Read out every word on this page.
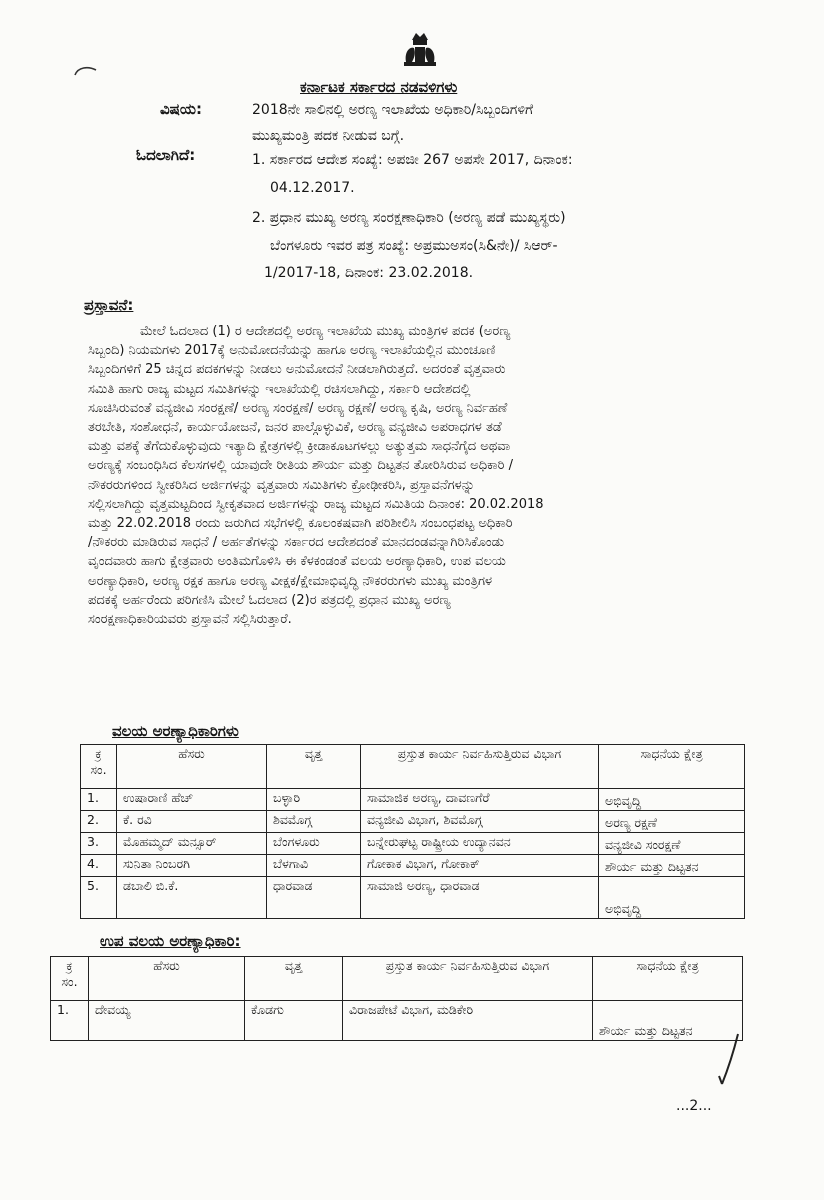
ಕರ್ನಾಟಕ ಸರ್ಕಾರದ ನಡವಳಿಗಳು
ವಿಷಯ:	2018ನೇ ಸಾಲಿನಲ್ಲಿ ಅರಣ್ಯ ಇಲಾಖೆಯ ಅಧಿಕಾರಿ/ಸಿಬ್ಬಂದಿಗಳಿಗೆ
ಮುಖ್ಯಮಂತ್ರಿ ಪದಕ ನೀಡುವ ಬಗ್ಗೆ.
ಓದಲಾಗಿದೆ:	1. ಸರ್ಕಾರದ ಆದೇಶ ಸಂಖ್ಯೆ: ಅಪಜೀ 267 ಅಪಸೇ 2017, ದಿನಾಂಕ:
04.12.2017.
2. ಪ್ರಧಾನ ಮುಖ್ಯ ಅರಣ್ಯ ಸಂರಕ್ಷಣಾಧಿಕಾರಿ (ಅರಣ್ಯ ಪಡೆ ಮುಖ್ಯಸ್ಥರು)
ಬೆಂಗಳೂರು ಇವರ ಪತ್ರ ಸಂಖ್ಯೆ: ಅಪ್ರಮುಅಸಂ(ಸಿ&ನೇ)/ ಸಿಆರ್-
1/2017-18, ದಿನಾಂಕ: 23.02.2018.
ಪ್ರಸ್ತಾವನೆ:
ಮೇಲೆ ಓದಲಾದ (1) ರ ಆದೇಶದಲ್ಲಿ ಅರಣ್ಯ ಇಲಾಖೆಯ ಮುಖ್ಯ ಮಂತ್ರಿಗಳ ಪದಕ (ಅರಣ್ಯ
ಸಿಬ್ಬಂದಿ) ನಿಯಮಗಳು 2017ಕ್ಕೆ ಅನುಮೋದನೆಯನ್ನು ಹಾಗೂ ಅರಣ್ಯ ಇಲಾಖೆಯಲ್ಲಿನ ಮುಂಚೂಣಿ
ಸಿಬ್ಬಂದಿಗಳಿಗೆ 25 ಚಿನ್ನದ ಪದಕಗಳನ್ನು ನೀಡಲು ಅನುಮೋದನೆ ನೀಡಲಾಗಿರುತ್ತದೆ. ಅದರಂತೆ ವೃತ್ತವಾರು
ಸಮಿತಿ ಹಾಗು ರಾಜ್ಯ ಮಟ್ಟದ ಸಮಿತಿಗಳನ್ನು ಇಲಾಖೆಯಲ್ಲಿ ರಚಿಸಲಾಗಿದ್ದು, ಸರ್ಕಾರಿ ಆದೇಶದಲ್ಲಿ
ಸೂಚಿಸಿರುವಂತೆ ವನ್ಯಜೀವಿ ಸಂರಕ್ಷಣೆ/ ಅರಣ್ಯ ಸಂರಕ್ಷಣೆ/ ಅರಣ್ಯ ರಕ್ಷಣೆ/ ಅರಣ್ಯ ಕೃಷಿ, ಅರಣ್ಯ ನಿರ್ವಹಣೆ
ತರಬೇತಿ, ಸಂಶೋಧನೆ, ಕಾರ್ಯಯೋಜನೆ, ಜನರ ಪಾಲ್ಗೊಳ್ಳುವಿಕೆ, ಅರಣ್ಯ ವನ್ಯಜೀವಿ ಅಪರಾಧಗಳ ತಡೆ
ಮತ್ತು ವಶಕ್ಕೆ ತೆಗೆದುಕೊಳ್ಳುವುದು ಇತ್ಯಾದಿ ಕ್ಷೇತ್ರಗಳಲ್ಲಿ ಕ್ರೀಡಾಕೂಟಗಳಲ್ಲು ಅತ್ಯುತ್ತಮ ಸಾಧನೆಗೈದ ಅಥವಾ
ಅರಣ್ಯಕ್ಕೆ ಸಂಬಂಧಿಸಿದ ಕೆಲಸಗಳಲ್ಲಿ ಯಾವುದೇ ರೀತಿಯ ಶೌರ್ಯ ಮತ್ತು ದಿಟ್ಟತನ ತೋರಿಸಿರುವ ಅಧಿಕಾರಿ /
ನೌಕರರುಗಳಿಂದ ಸ್ವೀಕರಿಸಿದ ಅರ್ಜಿಗಳನ್ನು ವೃತ್ತವಾರು ಸಮಿತಿಗಳು ಕ್ರೋಢೀಕರಿಸಿ, ಪ್ರಸ್ತಾವನೆಗಳನ್ನು
ಸಲ್ಲಿಸಲಾಗಿದ್ದು ವೃತ್ತಮಟ್ಟದಿಂದ ಸ್ವೀಕೃತವಾದ ಅರ್ಜಿಗಳನ್ನು ರಾಜ್ಯ ಮಟ್ಟದ ಸಮಿತಿಯ ದಿನಾಂಕ: 20.02.2018
ಮತ್ತು 22.02.2018 ರಂದು ಜರುಗಿದ ಸಭೆಗಳಲ್ಲಿ ಕೂಲಂಕಷವಾಗಿ ಪರಿಶೀಲಿಸಿ ಸಂಬಂಧಪಟ್ಟ ಅಧಿಕಾರಿ
/ನೌಕರರು ಮಾಡಿರುವ ಸಾಧನೆ / ಅರ್ಹತೆಗಳನ್ನು ಸರ್ಕಾರದ ಆದೇಶದಂತೆ ಮಾನದಂಡವನ್ನಾಗಿರಿಸಿಕೊಂಡು
ವೃಂದವಾರು ಹಾಗು ಕ್ಷೇತ್ರವಾರು ಅಂತಿಮಗೊಳಿಸಿ ಈ ಕೆಳಕಂಡಂತೆ ವಲಯ ಅರಣ್ಯಾಧಿಕಾರಿ, ಉಪ ವಲಯ
ಅರಣ್ಯಾಧಿಕಾರಿ, ಅರಣ್ಯ ರಕ್ಷಕ ಹಾಗೂ ಅರಣ್ಯ ವೀಕ್ಷಕ/ಕ್ಷೇಮಾಭಿವೃದ್ಧಿ ನೌಕರರುಗಳು ಮುಖ್ಯ ಮಂತ್ರಿಗಳ
ಪದಕಕ್ಕೆ ಅರ್ಹರೆಂದು ಪರಿಗಣಿಸಿ ಮೇಲೆ ಓದಲಾದ (2)ರ ಪತ್ರದಲ್ಲಿ ಪ್ರಧಾನ ಮುಖ್ಯ ಅರಣ್ಯ
ಸಂರಕ್ಷಣಾಧಿಕಾರಿಯವರು ಪ್ರಸ್ತಾವನೆ ಸಲ್ಲಿಸಿರುತ್ತಾರೆ.
ವಲಯ ಅರಣ್ಯಾಧಿಕಾರಿಗಳು
ಕ್ರ ಸಂ.	ಹೆಸರು	ವೃತ್ತ	ಪ್ರಸ್ತುತ ಕಾರ್ಯ ನಿರ್ವಹಿಸುತ್ತಿರುವ ವಿಭಾಗ	ಸಾಧನೆಯ ಕ್ಷೇತ್ರ
1.	ಉಷಾರಾಣಿ ಹೆಚ್	ಬಳ್ಳಾರಿ	ಸಾಮಾಜಿಕ ಅರಣ್ಯ, ದಾವಣಗೆರೆ	ಅಭಿವೃದ್ಧಿ
2.	ಕೆ. ರವಿ	ಶಿವಮೊಗ್ಗ	ವನ್ಯಜೀವಿ ವಿಭಾಗ, ಶಿವಮೊಗ್ಗ	ಅರಣ್ಯ ರಕ್ಷಣೆ
3.	ಮೊಹಮ್ಮದ್ ಮನ್ಸೂರ್	ಬೆಂಗಳೂರು	ಬನ್ನೇರುಘಟ್ಟ ರಾಷ್ಟ್ರೀಯ ಉದ್ಯಾನವನ	ವನ್ಯಜೀವಿ ಸಂರಕ್ಷಣೆ
4.	ಸುನಿತಾ ನಿಂಬರಗಿ	ಬೆಳಗಾವಿ	ಗೋಕಾಕ ವಿಭಾಗ, ಗೋಕಾಕ್	ಶೌರ್ಯ ಮತ್ತು ದಿಟ್ಟತನ
5.	ಡಬಾಲಿ ಬಿ.ಕೆ.	ಧಾರವಾಡ	ಸಾಮಾಜಿ ಅರಣ್ಯ, ಧಾರವಾಡ	ಅಭಿವೃದ್ಧಿ
ಉಪ ವಲಯ ಅರಣ್ಯಾಧಿಕಾರಿ:
ಕ್ರ ಸಂ.	ಹೆಸರು	ವೃತ್ತ	ಪ್ರಸ್ತುತ ಕಾರ್ಯ ನಿರ್ವಹಿಸುತ್ತಿರುವ ವಿಭಾಗ	ಸಾಧನೆಯ ಕ್ಷೇತ್ರ
1.	ದೇವಯ್ಯ	ಕೊಡಗು	ವಿರಾಜಪೇಟೆ ವಿಭಾಗ, ಮಡಿಕೇರಿ	ಶೌರ್ಯ ಮತ್ತು ದಿಟ್ಟತನ
...2...
